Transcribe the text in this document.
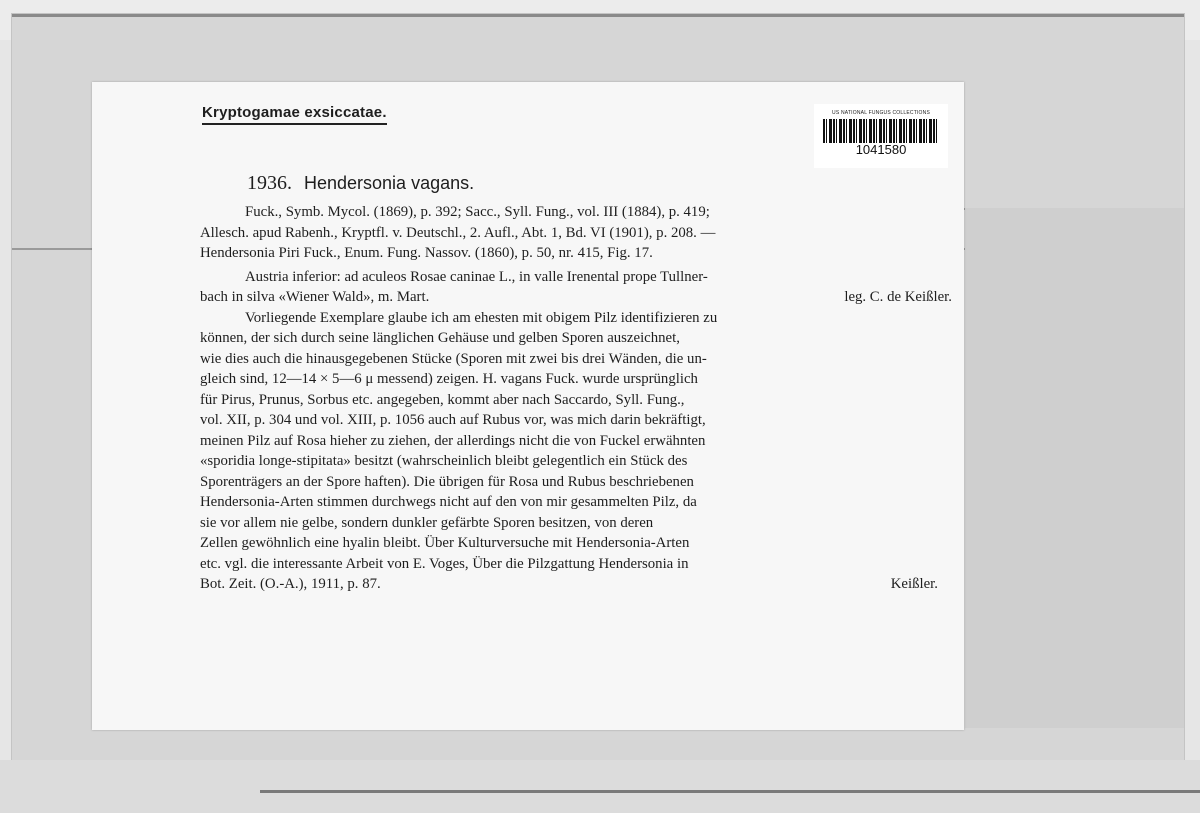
Kryptogamae exsiccatae.	US NATIONAL FUNGUS COLLECTIONS
1041580
1936. Hendersonia vagans.
Fuck., Symb. Mycol. (1869), p. 392; Sacc., Syll. Fung., vol. III (1884), p. 419;
Allesch. apud Rabenh., Kryptfl. v. Deutschl., 2. Aufl., Abt. 1, Bd. VI (1901), p. 208. —
Hendersonia Piri Fuck., Enum. Fung. Nassov. (1860), p. 50, nr. 415, Fig. 17.
Austria inferior: ad aculeos Rosae caninae L., in valle Irenental prope Tullner-
bach in silva «Wiener Wald», m. Mart.	leg. C. de Keißler.
Vorliegende Exemplare glaube ich am ehesten mit obigem Pilz identifizieren zu
können, der sich durch seine länglichen Gehäuse und gelben Sporen auszeichnet,
wie dies auch die hinausgegebenen Stücke (Sporen mit zwei bis drei Wänden, die un-
gleich sind, 12—14 × 5—6 μ messend) zeigen. H. vagans Fuck. wurde ursprünglich
für Pirus, Prunus, Sorbus etc. angegeben, kommt aber nach Saccardo, Syll. Fung.,
vol. XII, p. 304 und vol. XIII, p. 1056 auch auf Rubus vor, was mich darin bekräftigt,
meinen Pilz auf Rosa hieher zu ziehen, der allerdings nicht die von Fuckel erwähnten
«sporidia longe-stipitata» besitzt (wahrscheinlich bleibt gelegentlich ein Stück des
Sporenträgers an der Spore haften). Die übrigen für Rosa und Rubus beschriebenen
Hendersonia-Arten stimmen durchwegs nicht auf den von mir gesammelten Pilz, da
sie vor allem nie gelbe, sondern dunkler gefärbte Sporen besitzen, von deren
Zellen gewöhnlich eine hyalin bleibt. Über Kulturversuche mit Hendersonia-Arten
etc. vgl. die interessante Arbeit von E. Voges, Über die Pilzgattung Hendersonia in
Bot. Zeit. (O.-A.), 1911, p. 87.	Keißler.
